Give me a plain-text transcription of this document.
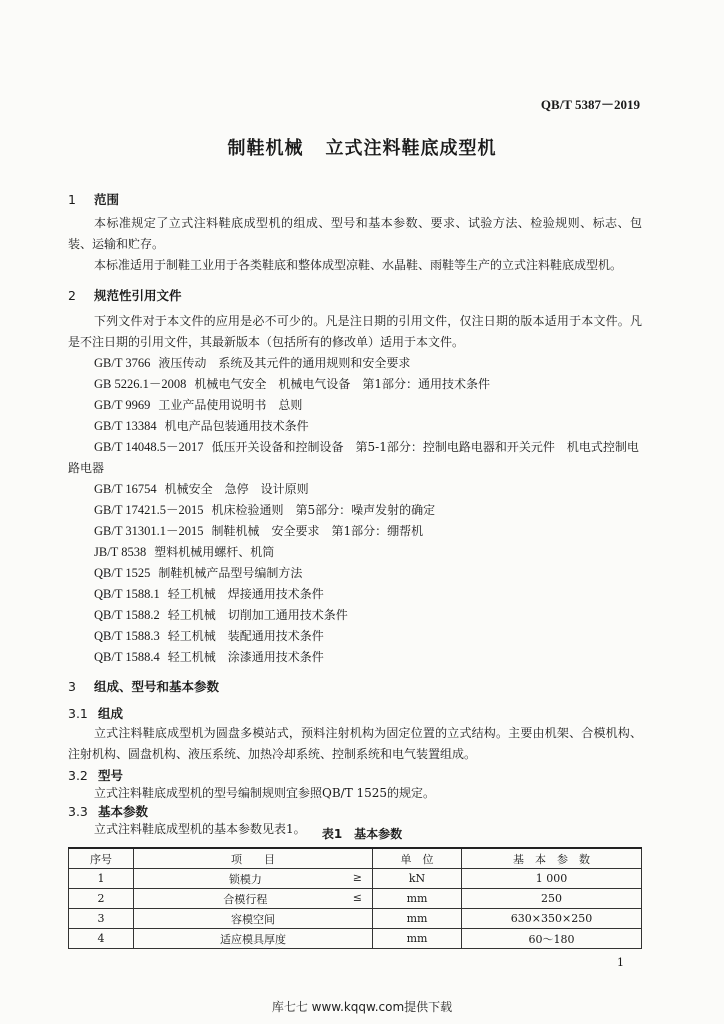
QB/T 5387－2019
制鞋机械 立式注料鞋底成型机
1 范围
本标准规定了立式注料鞋底成型机的组成、型号和基本参数、要求、试验方法、检验规则、标志、包装、运输和贮存。
本标准适用于制鞋工业用于各类鞋底和整体成型凉鞋、水晶鞋、雨鞋等生产的立式注料鞋底成型机。
2 规范性引用文件
下列文件对于本文件的应用是必不可少的。凡是注日期的引用文件，仅注日期的版本适用于本文件。凡是不注日期的引用文件，其最新版本（包括所有的修改单）适用于本文件。
GB/T 3766 液压传动　系统及其元件的通用规则和安全要求
GB 5226.1－2008 机械电气安全　机械电气设备　第1部分：通用技术条件
GB/T 9969 工业产品使用说明书　总则
GB/T 13384 机电产品包装通用技术条件
GB/T 14048.5－2017 低压开关设备和控制设备　第5-1部分：控制电路电器和开关元件　机电式控制电路电器
GB/T 16754 机械安全　急停　设计原则
GB/T 17421.5－2015 机床检验通则　第5部分：噪声发射的确定
GB/T 31301.1－2015 制鞋机械　安全要求　第1部分：绷帮机
JB/T 8538 塑料机械用螺杆、机筒
QB/T 1525 制鞋机械产品型号编制方法
QB/T 1588.1 轻工机械　焊接通用技术条件
QB/T 1588.2 轻工机械　切削加工通用技术条件
QB/T 1588.3 轻工机械　装配通用技术条件
QB/T 1588.4 轻工机械　涂漆通用技术条件
3 组成、型号和基本参数
3.1 组成
立式注料鞋底成型机为圆盘多模站式，预料注射机构为固定位置的立式结构。主要由机架、合模机构、注射机构、圆盘机构、液压系统、加热冷却系统、控制系统和电气装置组成。
3.2 型号
立式注料鞋底成型机的型号编制规则宜参照QB/T 1525的规定。
3.3 基本参数
立式注料鞋底成型机的基本参数见表1。	表1　基本参数
序号	项　　目	单　位	基　本　参　数
1	锁模力 ≥	kN	1 000
2	合模行程 ≤	mm	250
3	容模空间	mm	630×350×250
4	适应模具厚度	mm	60～180
1
库七七 www.kqqw.com提供下载
